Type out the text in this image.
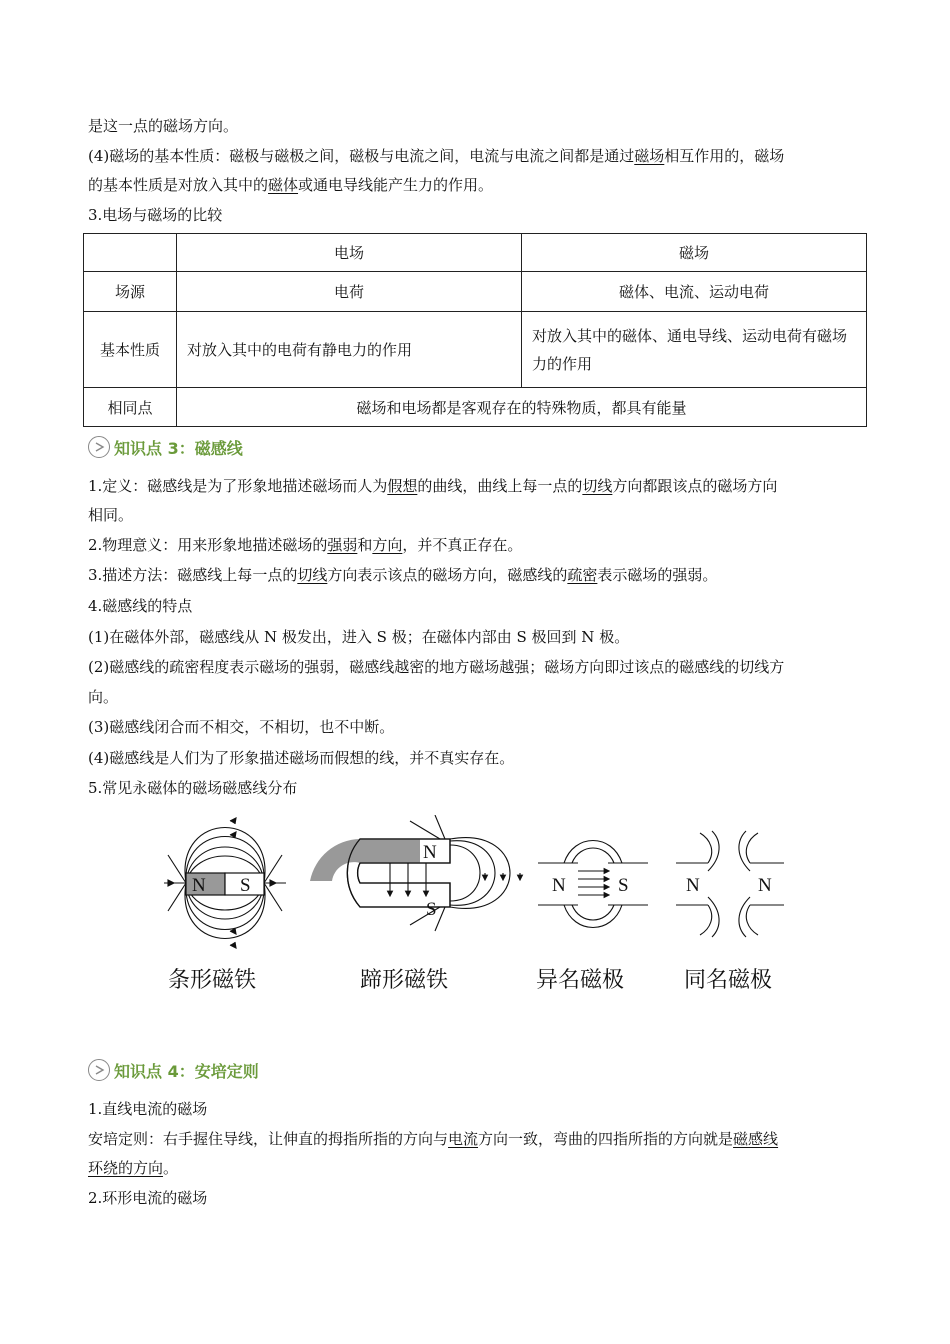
是这一点的磁场方向。
(4)磁场的基本性质：磁极与磁极之间，磁极与电流之间，电流与电流之间都是通过磁场相互作用的，磁场
的基本性质是对放入其中的磁体或通电导线能产生力的作用。
3.电场与磁场的比较
	电场	磁场
场源	电荷	磁体、电流、运动电荷
基本性质	对放入其中的电荷有静电力的作用	对放入其中的磁体、通电导线、运动电荷有磁场力的作用
相同点	磁场和电场都是客观存在的特殊物质，都具有能量	
知识点 3：磁感线
1.定义：磁感线是为了形象地描述磁场而人为假想的曲线，曲线上每一点的切线方向都跟该点的磁场方向
相同。
2.物理意义：用来形象地描述磁场的强弱和方向，并不真正存在。
3.描述方法：磁感线上每一点的切线方向表示该点的磁场方向，磁感线的疏密表示磁场的强弱。
4.磁感线的特点
(1)在磁体外部，磁感线从 N 极发出，进入 S 极；在磁体内部由 S 极回到 N 极。
(2)磁感线的疏密程度表示磁场的强弱，磁感线越密的地方磁场越强；磁场方向即过该点的磁感线的切线方
向。
(3)磁感线闭合而不相交，不相切，也不中断。
(4)磁感线是人们为了形象描述磁场而假想的线，并不真实存在。
5.常见永磁体的磁场磁感线分布
N S
N
S
N	S	N	N
条形磁铁	蹄形磁铁	异名磁极	同名磁极
知识点 4：安培定则
1.直线电流的磁场
安培定则：右手握住导线，让伸直的拇指所指的方向与电流方向一致，弯曲的四指所指的方向就是磁感线
环绕的方向。
2.环形电流的磁场
